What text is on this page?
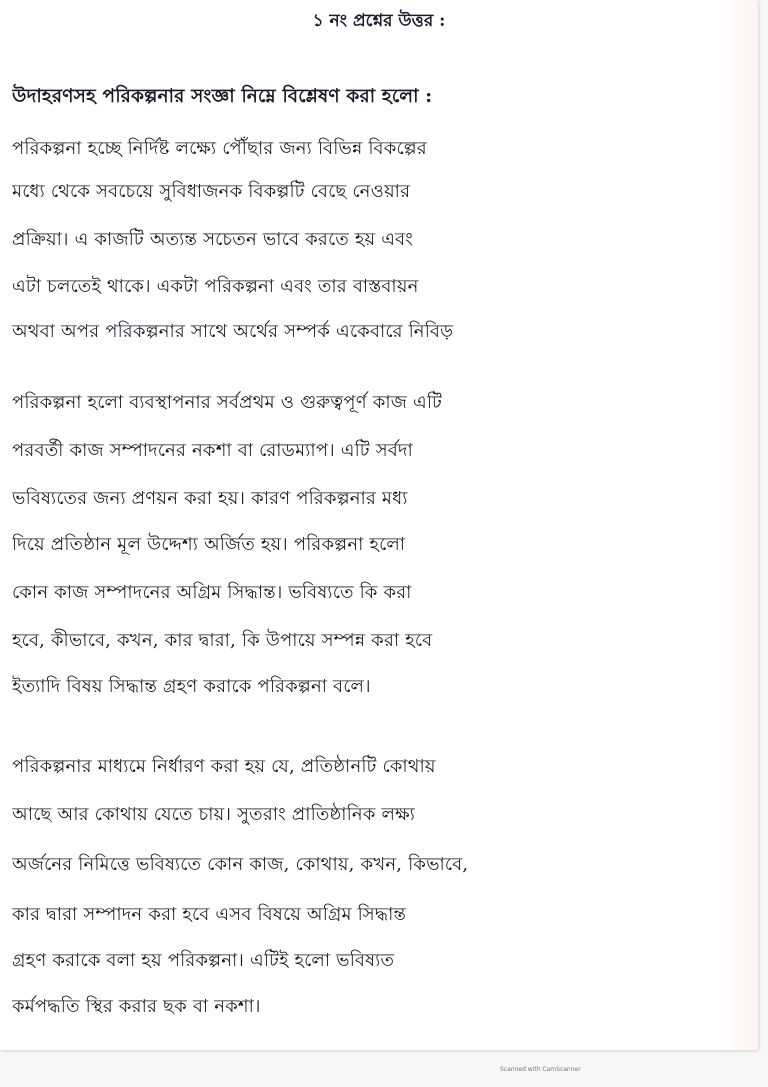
১ নং প্রশ্নের উত্তর :
উদাহরণসহ পরিকল্পনার সংজ্ঞা নিম্নে বিশ্লেষণ করা হলো :
পরিকল্পনা হচ্ছে নির্দিষ্ট লক্ষ্যে পৌঁছার জন্য বিভিন্ন বিকল্পের
মধ্যে থেকে সবচেয়ে সুবিধাজনক বিকল্পটি বেছে নেওয়ার
প্রক্রিয়া। এ কাজটি অত্যন্ত সচেতন ভাবে করতে হয় এবং
এটা চলতেই থাকে। একটা পরিকল্পনা এবং তার বাস্তবায়ন
অথবা অপর পরিকল্পনার সাথে অর্থের সম্পর্ক একেবারে নিবিড়
পরিকল্পনা হলো ব্যবস্থাপনার সর্বপ্রথম ও গুরুত্বপূর্ণ কাজ এটি
পরবর্তী কাজ সম্পাদনের নকশা বা রোডম্যাপ। এটি সর্বদা
ভবিষ্যতের জন্য প্রণয়ন করা হয়। কারণ পরিকল্পনার মধ্য
দিয়ে প্রতিষ্ঠান মূল উদ্দেশ্য অর্জিত হয়। পরিকল্পনা হলো
কোন কাজ সম্পাদনের অগ্রিম সিদ্ধান্ত। ভবিষ্যতে কি করা
হবে, কীভাবে, কখন, কার দ্বারা, কি উপায়ে সম্পন্ন করা হবে
ইত্যাদি বিষয় সিদ্ধান্ত গ্রহণ করাকে পরিকল্পনা বলে।
পরিকল্পনার মাধ্যমে নির্ধারণ করা হয় যে, প্রতিষ্ঠানটি কোথায়
আছে আর কোথায় যেতে চায়। সুতরাং প্রাতিষ্ঠানিক লক্ষ্য
অর্জনের নিমিত্তে ভবিষ্যতে কোন কাজ, কোথায়, কখন, কিভাবে,
কার দ্বারা সম্পাদন করা হবে এসব বিষয়ে অগ্রিম সিদ্ধান্ত
গ্রহণ করাকে বলা হয় পরিকল্পনা। এটিই হলো ভবিষ্যত
কর্মপদ্ধতি স্থির করার ছক বা নকশা।
Scanned with CamScanner
